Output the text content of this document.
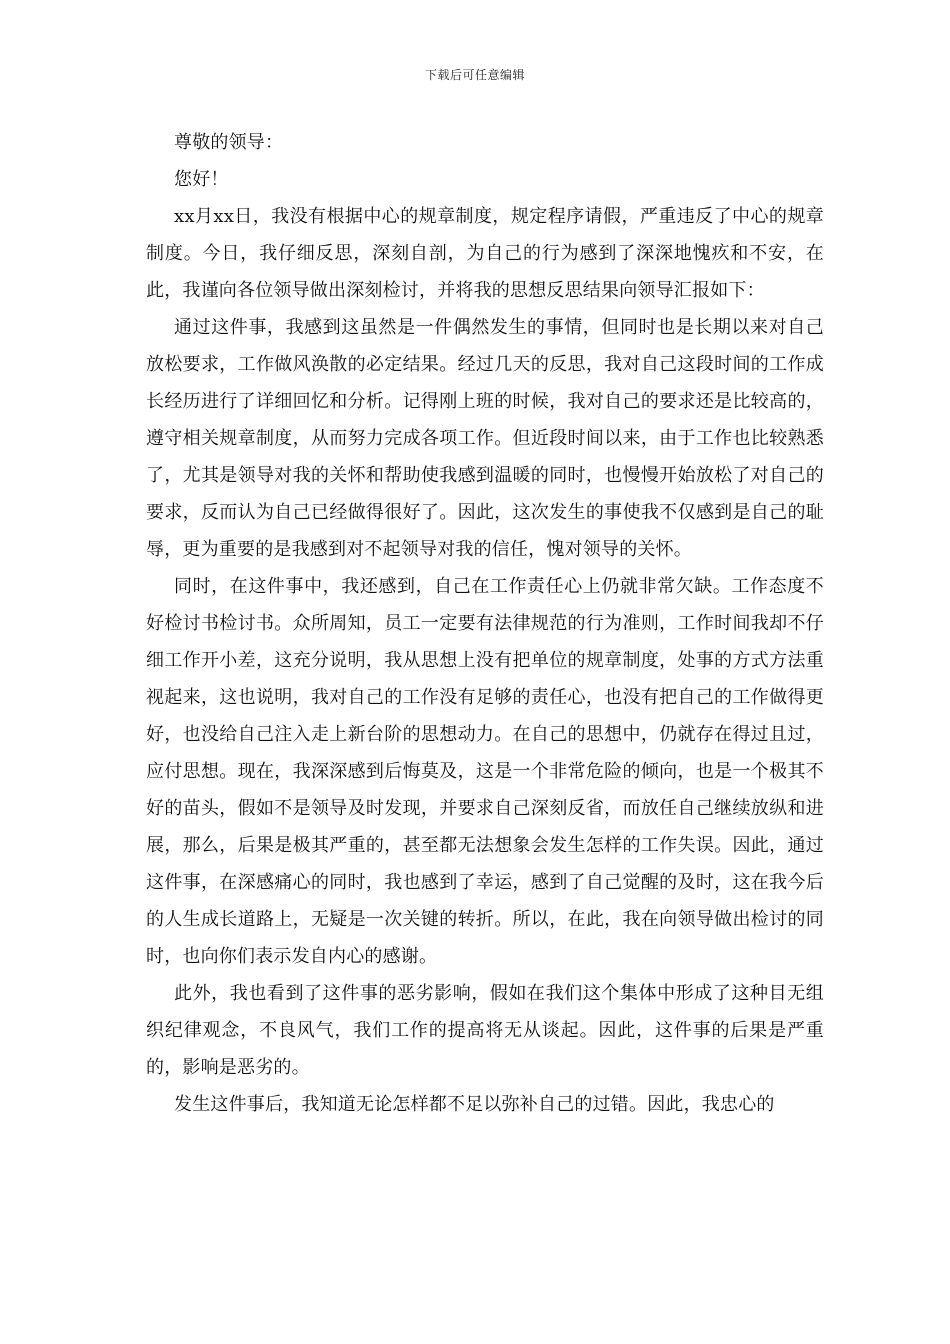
下载后可任意编辑

尊敬的领导：

您好！

xx月xx日，我没有根据中心的规章制度，规定程序请假，严重违反了中心的规章制度。今日，我仔细反思，深刻自剖，为自己的行为感到了深深地愧疚和不安，在此，我谨向各位领导做出深刻检讨，并将我的思想反思结果向领导汇报如下：

通过这件事，我感到这虽然是一件偶然发生的事情，但同时也是长期以来对自己放松要求，工作做风涣散的必定结果。经过几天的反思，我对自己这段时间的工作成长经历进行了详细回忆和分析。记得刚上班的时候，我对自己的要求还是比较高的，遵守相关规章制度，从而努力完成各项工作。但近段时间以来，由于工作也比较熟悉了，尤其是领导对我的关怀和帮助使我感到温暖的同时，也慢慢开始放松了对自己的要求，反而认为自己已经做得很好了。因此，这次发生的事使我不仅感到是自己的耻辱，更为重要的是我感到对不起领导对我的信任，愧对领导的关怀。

同时，在这件事中，我还感到，自己在工作责任心上仍就非常欠缺。工作态度不好检讨书检讨书。众所周知，员工一定要有法律规范的行为准则，工作时间我却不仔细工作开小差，这充分说明，我从思想上没有把单位的规章制度，处事的方式方法重视起来，这也说明，我对自己的工作没有足够的责任心，也没有把自己的工作做得更好，也没给自己注入走上新台阶的思想动力。在自己的思想中，仍就存在得过且过，应付思想。现在，我深深感到后悔莫及，这是一个非常危险的倾向，也是一个极其不好的苗头，假如不是领导及时发现，并要求自己深刻反省，而放任自己继续放纵和进展，那么，后果是极其严重的，甚至都无法想象会发生怎样的工作失误。因此，通过这件事，在深感痛心的同时，我也感到了幸运，感到了自己觉醒的及时，这在我今后的人生成长道路上，无疑是一次关键的转折。所以，在此，我在向领导做出检讨的同时，也向你们表示发自内心的感谢。

此外，我也看到了这件事的恶劣影响，假如在我们这个集体中形成了这种目无组织纪律观念，不良风气，我们工作的提高将无从谈起。因此，这件事的后果是严重的，影响是恶劣的。

发生这件事后，我知道无论怎样都不足以弥补自己的过错。因此，我忠心的
